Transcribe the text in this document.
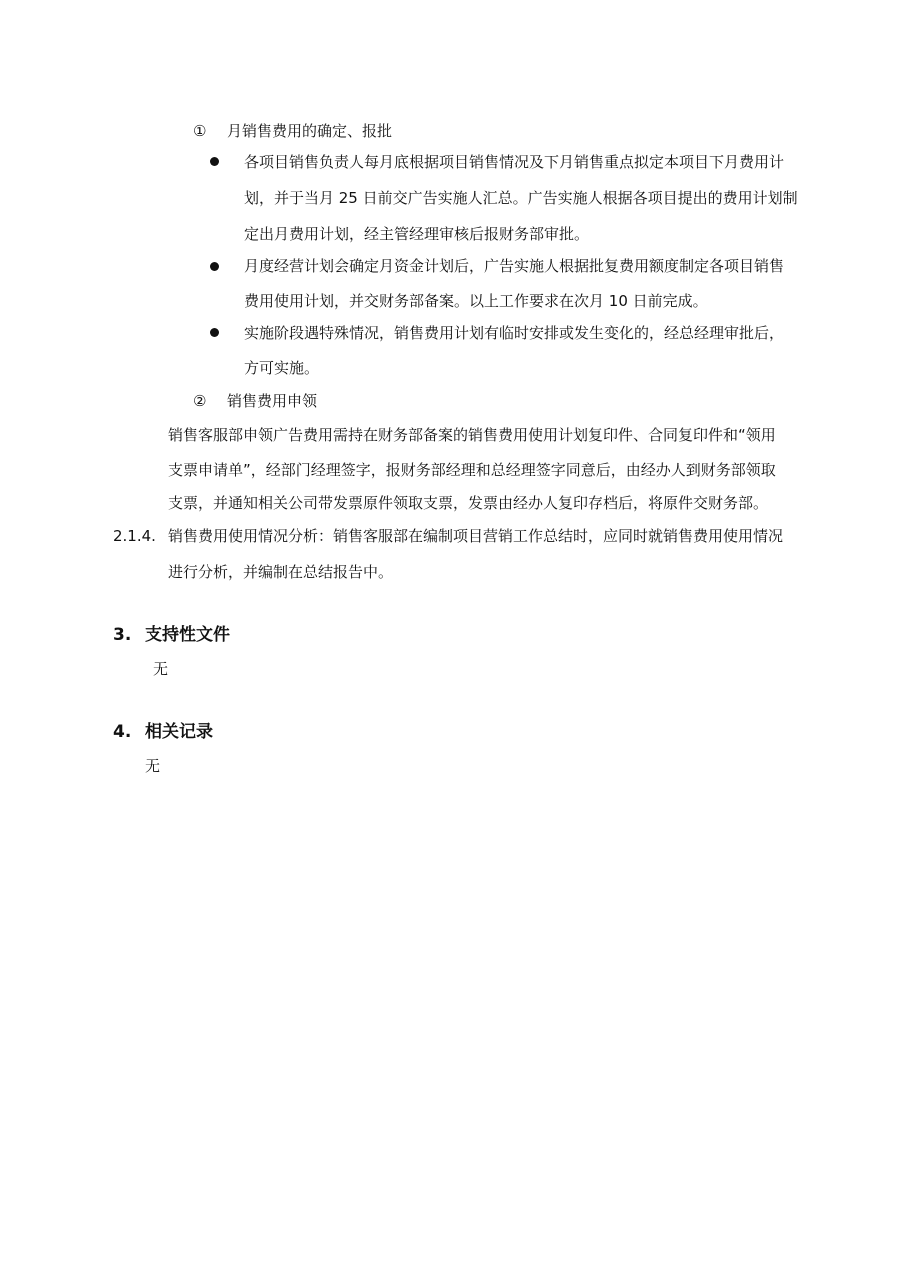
① 月销售费用的确定、报批
各项目销售负责人每月底根据项目销售情况及下月销售重点拟定本项目下月费用计
划，并于当月 25 日前交广告实施人汇总。广告实施人根据各项目提出的费用计划制
定出月费用计划，经主管经理审核后报财务部审批。
月度经营计划会确定月资金计划后，广告实施人根据批复费用额度制定各项目销售
费用使用计划，并交财务部备案。以上工作要求在次月 10 日前完成。
实施阶段遇特殊情况，销售费用计划有临时安排或发生变化的，经总经理审批后，
方可实施。
② 销售费用申领
销售客服部申领广告费用需持在财务部备案的销售费用使用计划复印件、合同复印件和“领用
支票申请单”，经部门经理签字，报财务部经理和总经理签字同意后，由经办人到财务部领取
支票，并通知相关公司带发票原件领取支票，发票由经办人复印存档后，将原件交财务部。
2.1.4. 销售费用使用情况分析：销售客服部在编制项目营销工作总结时，应同时就销售费用使用情况
进行分析，并编制在总结报告中。
3. 支持性文件
无
4. 相关记录
无
